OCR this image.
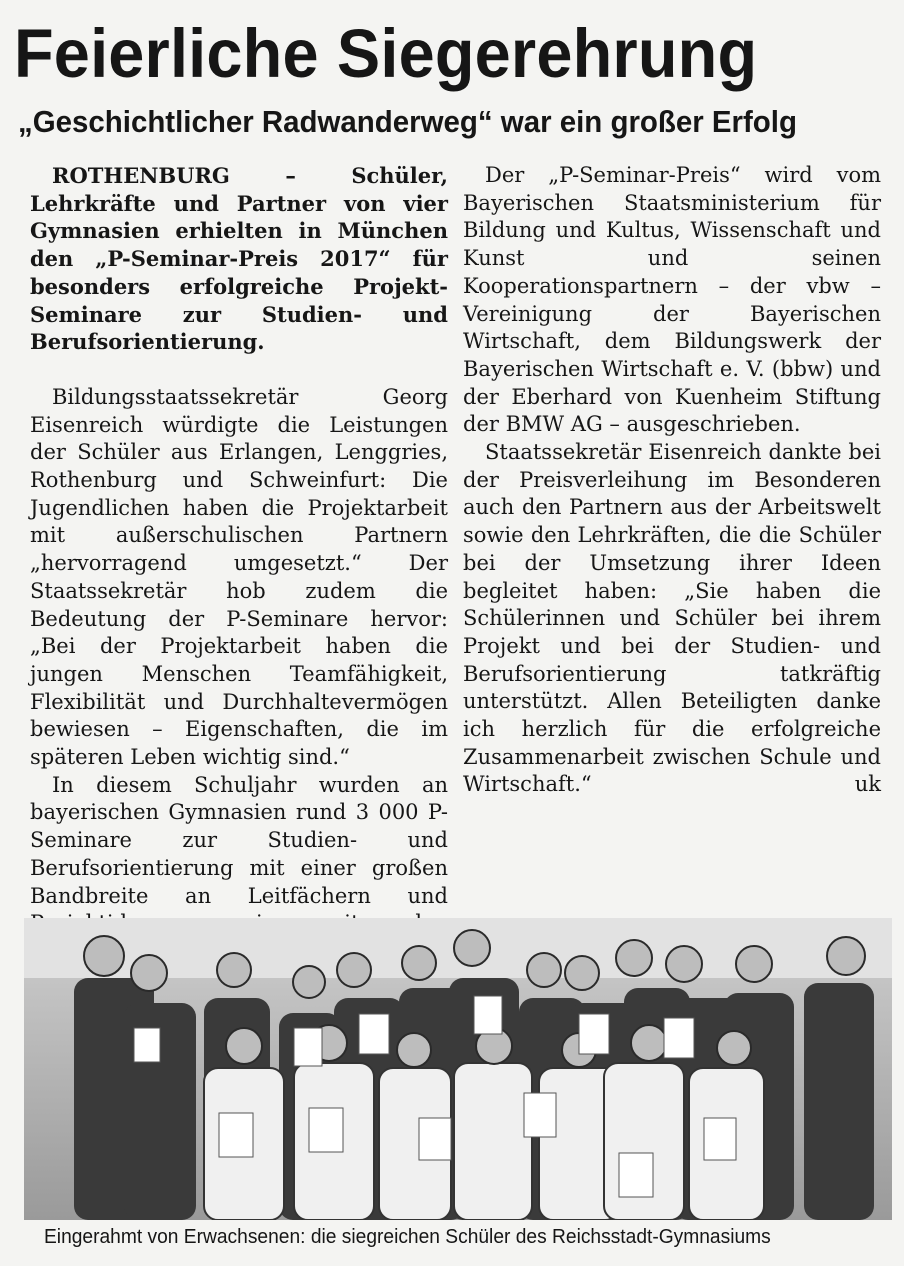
Feierliche Siegerehrung
„Geschichtlicher Radwanderweg“ war ein großer Erfolg

ROTHENBURG – Schüler, Lehrkräfte und Partner von vier Gymnasien erhielten in München den „P-Seminar-Preis 2017“ für besonders erfolgreiche Projekt-Seminare zur Studien- und Berufsorientierung.

Bildungsstaatssekretär Georg Eisenreich würdigte die Leistungen der Schüler aus Erlangen, Lenggries, Rothenburg und Schweinfurt: Die Jugendlichen haben die Projektarbeit mit außerschulischen Partnern „hervorragend umgesetzt.“ Der Staatssekretär hob zudem die Bedeutung der P-Seminare hervor: „Bei der Projektarbeit haben die jungen Menschen Teamfähigkeit, Flexibilität und Durchhaltevermögen bewiesen – Eigenschaften, die im späteren Leben wichtig sind.“

In diesem Schuljahr wurden an bayerischen Gymnasien rund 3 000 P-Seminare zur Studien- und Berufsorientierung mit einer großen Bandbreite an Leitfächern und

Der „P-Seminar-Preis“ wird vom Bayerischen Staatsministerium für Bildung und Kultus, Wissenschaft und Kunst und seinen Kooperationspartnern – der vbw – Vereinigung der Bayerischen Wirtschaft, dem Bildungswerk der Bayerischen Wirtschaft e. V. (bbw) und der Eberhard von Kuenheim Stiftung der BMW AG – ausgeschrieben.

Staatssekretär Eisenreich dankte bei der Preisverleihung im Besonderen auch den Partnern aus der Arbeitswelt sowie den Lehrkräften, die die Schüler bei der Umsetzung ihrer Ideen begleitet haben: „Sie haben die Schülerinnen und Schüler bei ihrem Projekt und bei der Studien- und Berufsorientierung tatkräftig unterstützt. Allen Beteiligten danke ich herzlich für die erfolgreiche Zusammenarbeit zwischen Schule und Wirtschaft.“	uk

Eingerahmt von Erwachsenen: die siegreichen Schüler des Reichsstadt-Gymnasiums
